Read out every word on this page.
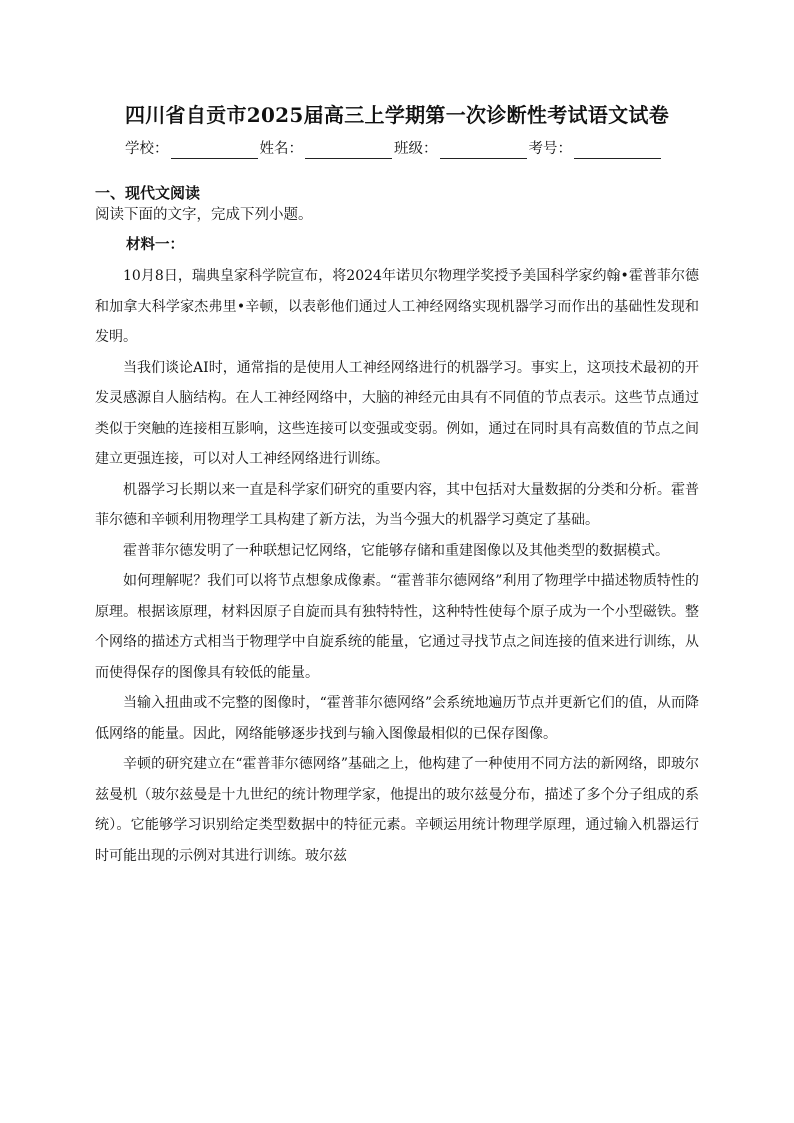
四川省自贡市2025届高三上学期第一次诊断性考试语文试卷
学校：	姓名：	班级：	考号：
一、现代文阅读
阅读下面的文字，完成下列小题。
材料一：

10月8日，瑞典皇家科学院宣布，将2024年诺贝尔物理学奖授予美国科学家约翰•霍普菲尔德和加拿大科学家杰弗里•辛顿，以表彰他们通过人工神经网络实现机器学习而作出的基础性发现和发明。

当我们谈论AI时，通常指的是使用人工神经网络进行的机器学习。事实上，这项技术最初的开发灵感源自人脑结构。在人工神经网络中，大脑的神经元由具有不同值的节点表示。这些节点通过类似于突触的连接相互影响，这些连接可以变强或变弱。例如，通过在同时具有高数值的节点之间建立更强连接，可以对人工神经网络进行训练。

机器学习长期以来一直是科学家们研究的重要内容，其中包括对大量数据的分类和分析。霍普菲尔德和辛顿利用物理学工具构建了新方法，为当今强大的机器学习奠定了基础。

霍普菲尔德发明了一种联想记忆网络，它能够存储和重建图像以及其他类型的数据模式。

如何理解呢？我们可以将节点想象成像素。“霍普菲尔德网络”利用了物理学中描述物质特性的原理。根据该原理，材料因原子自旋而具有独特特性，这种特性使每个原子成为一个小型磁铁。整个网络的描述方式相当于物理学中自旋系统的能量，它通过寻找节点之间连接的值来进行训练，从而使得保存的图像具有较低的能量。

当输入扭曲或不完整的图像时，“霍普菲尔德网络”会系统地遍历节点并更新它们的值，从而降低网络的能量。因此，网络能够逐步找到与输入图像最相似的已保存图像。

辛顿的研究建立在“霍普菲尔德网络”基础之上，他构建了一种使用不同方法的新网络，即玻尔兹曼机（玻尔兹曼是十九世纪的统计物理学家，他提出的玻尔兹曼分布，描述了多个分子组成的系统）。它能够学习识别给定类型数据中的特征元素。辛顿运用统计物理学原理，通过输入机器运行时可能出现的示例对其进行训练。玻尔兹
